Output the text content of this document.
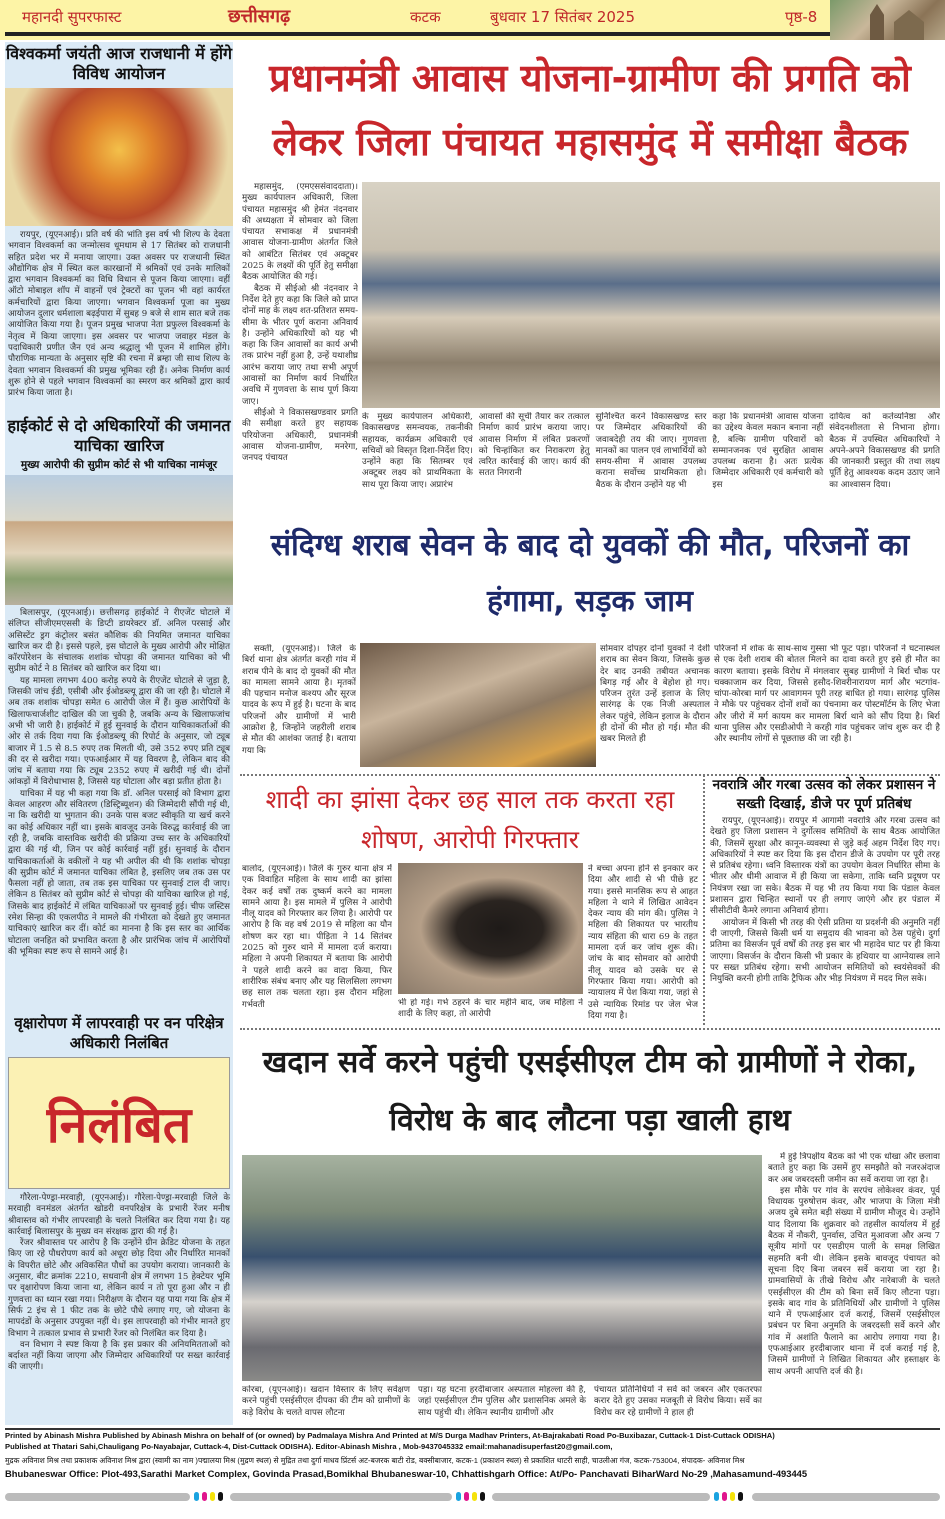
महानदी सुपरफास्ट	छत्तीसगढ़	कटक	बुधवार 17 सितंबर 2025	पृष्ठ-8
विश्वकर्मा जयंती आज राजधानी में होंगे विविध आयोजन

रायपुर, (यूएनआई)। प्रति वर्ष की भांति इस वर्ष भी शिल्प के देवता भगवान विश्वकर्मा का जन्मोत्सव धूमधाम से 17 सितंबर को राजधानी सहित प्रदेश भर में मनाया जाएगा। उक्त अवसर पर राजधानी स्थित औद्योगिक क्षेत्र में स्थित कल कारखानों में श्रमिकों एवं उनके मालिकों द्वारा भगवान विश्वकर्मा का विधि विधान से पूजन किया जाएगा। वहीं ऑटो मोबाइल शॉप में वाहनों एवं ट्रेक्टरों का पूजन भी वहां कार्यरत कर्मचारियों द्वारा किया जाएगा। भगवान विश्वकर्मा पूजा का मुख्य आयोजन दुलार धर्मशाला बढ़ईपारा में सुबह 9 बजे से शाम सात बजे तक आयोजित किया गया है। पूजन प्रमुख भाजपा नेता प्रफुल्ल विश्वकर्मा के नेतृत्व में किया जाएगा। इस अवसर पर भाजपा जवाहर मंडल के पदाधिकारी प्रणीत जैन एवं अन्य श्रद्धालु भी पूजन में शामिल होंगे। पौराणिक मान्यता के अनुसार सृष्टि की रचना में ब्रम्हा जी साथ शिल्प के देवता भगवान विश्वकर्मा की प्रमुख भूमिका रही हैं। अनेक निर्माण कार्य शुरू होने से पहले भगवान विश्वकर्मा का स्मरण कर श्रमिकों द्वारा कार्य प्रारंभ किया जाता है।

हाईकोर्ट से दो अधिकारियों की जमानत याचिका खारिज
मुख्य आरोपी की सुप्रीम कोर्ट से भी याचिका नामंजूर

बिलासपुर, (यूएनआई)। छत्तीसगढ़ हाईकोर्ट ने रीएजेंट घोटाले में संलिप्त सीजीएमएससी के डिप्टी डायरेक्टर डॉ. अनिल परसाई और असिस्टेंट ड्रग कंट्रोलर बसंत कौशिक की नियमित जमानत याचिका खारिज कर दी है। इससे पहले, इस घोटाले के मुख्य आरोपी और मोक्षित कॉरपोरेशन के संचालक शशांक चोपड़ा की जमानत याचिका को भी सुप्रीम कोर्ट ने 8 सितंबर को खारिज कर दिया था।

यह मामला लगभग 400 करोड़ रुपये के रीएजेंट घोटाले से जुड़ा है, जिसकी जांच ईडी, एसीबी और ईओडब्ल्यू द्वारा की जा रही है। घोटाले में अब तक शशांक चोपड़ा समेत 6 आरोपी जेल में हैं। कुछ आरोपियों के खिलाफचार्जशीट दाखिल की जा चुकी है, जबकि अन्य के खिलाफजांच अभी भी जारी है। हाईकोर्ट में हुई सुनवाई के दौरान याचिकाकर्ताओं की ओर से तर्क दिया गया कि ईओडब्ल्यू की रिपोर्ट के अनुसार, जो ट्यूब बाजार में 1.5 से 8.5 रुपए तक मिलती थी, उसे 352 रुपए प्रति ट्यूब की दर से खरीदा गया। एफआईआर में यह विवरण है, लेकिन बाद की जांच में बताया गया कि ट्यूब 2352 रुपए में खरीदी गई थी। दोनों आंकड़ों में विरोधाभास है, जिससे यह घोटाला और बड़ा प्रतीत होता है।

याचिका में यह भी कहा गया कि डॉ. अनिल परसाई को विभाग द्वारा केवल आहरण और संवितरण (डिस्ट्रिब्यूशन) की जिम्मेदारी सौंपी गई थी, ना कि खरीदी या भुगतान की। उनके पास बजट स्वीकृति या खर्च करने का कोई अधिकार नहीं था। इसके बावजूद उनके विरुद्ध कार्रवाई की जा रही है, जबकि वास्तविक खरीदी की प्रक्रिया उच्च स्तर के अधिकारियों द्वारा की गई थी, जिन पर कोई कार्रवाई नहीं हुई। सुनवाई के दौरान याचिकाकर्ताओं के वकीलों ने यह भी अपील की थी कि शशांक चोपड़ा की सुप्रीम कोर्ट में जमानत याचिका लंबित है, इसलिए जब तक उस पर फैसला नहीं हो जाता, तब तक इस याचिका पर सुनवाई टाल दी जाए। लेकिन 8 सितंबर को सुप्रीम कोर्ट से चोपड़ा की याचिका खारिज हो गई, जिसके बाद हाईकोर्ट में लंबित याचिकाओं पर सुनवाई हुई। चीफ जस्टिस रमेश सिन्हा की एकलपीठ ने मामले की गंभीरता को देखते हुए जमानत याचिकाएं खारिज कर दीं। कोर्ट का मानना है कि इस स्तर का आर्थिक घोटाला जनहित को प्रभावित करता है और प्रारंभिक जांच में आरोपियों की भूमिका स्पष्ट रूप से सामने आई है।

वृक्षारोपण में लापरवाही पर वन परिक्षेत्र अधिकारी निलंबित
निलंबित

गौरेला-पेण्ड्रा-मरवाही, (यूएनआई)। गौरेला-पेण्ड्रा-मरवाही जिले के मरवाही वनमंडल अंतर्गत खोडरी वनपरिक्षेत्र के प्रभारी रेंजर मनीष श्रीवास्तव को गंभीर लापरवाही के चलते निलंबित कर दिया गया है। यह कार्रवाई बिलासपुर के मुख्य वन संरक्षक द्वारा की गई है।

रेंजर श्रीवास्तव पर आरोप है कि उन्होंने ग्रीन क्रेडिट योजना के तहत किए जा रहे पौधरोपण कार्य को अधूरा छोड़ दिया और निर्धारित मानकों के विपरीत छोटे और अविकसित पौधों का उपयोग कराया। जानकारी के अनुसार, बीट क्रमांक 2210, सधवानी क्षेत्र में लगभग 15 हेक्टेयर भूमि पर वृक्षारोपण किया जाना था, लेकिन कार्य न तो पूरा हुआ और न ही गुणवत्ता का ध्यान रखा गया। निरीक्षण के दौरान यह पाया गया कि क्षेत्र में सिर्फ 2 इंच से 1 फीट तक के छोटे पौधे लगाए गए, जो योजना के मापदंडों के अनुसार उपयुक्त नहीं थे। इस लापरवाही को गंभीर मानते हुए विभाग ने तत्काल प्रभाव से प्रभारी रेंजर को निलंबित कर दिया है।

वन विभाग ने स्पष्ट किया है कि इस प्रकार की अनियमितताओं को बर्दाश्त नहीं किया जाएगा और जिम्मेदार अधिकारियों पर सख्त कार्रवाई की जाएगी।

प्रधानमंत्री आवास योजना-ग्रामीण की प्रगति को लेकर जिला पंचायत महासमुंद में समीक्षा बैठक

महासमुंद, (एमएससंवाददाता)। मुख्य कार्यपालन अधिकारी, जिला पंचायत महासमुंद श्री हेमंत नंदनवार की अध्यक्षता में सोमवार को जिला पंचायत सभाकक्ष में प्रधानमंत्री आवास योजना-ग्रामीण अंतर्गत जिले को आबंटित सितंबर एवं अक्टूबर 2025 के लक्ष्यों की पूर्ति हेतु समीक्षा बैठक आयोजित की गई।

बैठक में सीईओ श्री नंदनवार ने निर्देश देते हुए कहा कि जिले को प्राप्त दोनों माह के लक्ष्य शत-प्रतिशत समय-सीमा के भीतर पूर्ण कराना अनिवार्य है। उन्होंने अधिकारियों को यह भी कहा कि जिन आवासों का कार्य अभी तक प्रारंभ नहीं हुआ है, उन्हें यथाशीघ्र आरंभ कराया जाए तथा सभी अपूर्ण आवासों का निर्माण कार्य निर्धारित अवधि में गुणवत्ता के साथ पूर्ण किया जाए।

सीईओ ने विकासखण्डवार प्रगति की समीक्षा करते हुए सहायक परियोजना अधिकारी, प्रधानमंत्री आवास योजना-ग्रामीण, मनरेगा, जनपद पंचायत

के मुख्य कार्यपालन अधिकारी, विकासखण्ड समन्वयक, तकनीकी सहायक, कार्यक्रम अधिकारी एवं सचिवों को विस्तृत दिशा-निर्देश दिए। उन्होंने कहा कि सितम्बर एवं अक्टूबर लक्ष्य को प्राथमिकता के साथ पूरा किया जाए। अप्रारंभ
आवासों की सूची तैयार कर तत्काल निर्माण कार्य प्रारंभ कराया जाए। आवास निर्माण में लंबित प्रकरणों को चिन्हांकित कर निराकरण हेतु त्वरित कार्रवाई की जाए। कार्य की सतत निगरानी
सुनिश्चित करने विकासखण्ड स्तर पर जिम्मेदार अधिकारियों की जवाबदेही तय की जाए। गुणवत्ता मानकों का पालन एवं लाभार्थियों को समय-सीमा में आवास उपलब्ध कराना सर्वोच्च प्राथमिकता हो। बैठक के दौरान उन्होंने यह भी
कहा कि प्रधानमंत्री आवास योजना का उद्देश्य केवल मकान बनाना नहीं है, बल्कि ग्रामीण परिवारों को सम्मानजनक एवं सुरक्षित आवास उपलब्ध कराना है। अतः प्रत्येक जिम्मेदार अधिकारी एवं कर्मचारी को इस
दायित्व को कर्तव्यनिष्ठा और संवेदनशीलता से निभाना होगा। बैठक में उपस्थित अधिकारियों ने अपने-अपने विकासखण्ड की प्रगति की जानकारी प्रस्तुत की तथा लक्ष्य पूर्ति हेतु आवश्यक कदम उठाए जाने का आश्वासन दिया।
संदिग्ध शराब सेवन के बाद दो युवकों की मौत, परिजनों का हंगामा, सड़क जाम

सक्ती, (यूएनआई)। जिले के बिर्रा थाना क्षेत्र अंतर्गत करही गांव में शराब पीने के बाद दो युवकों की मौत का मामला सामने आया है। मृतकों की पहचान मनोज कश्यप और सूरज यादव के रूप में हुई है। घटना के बाद परिजनों और ग्रामीणों में भारी आक्रोश है, जिन्होंने जहरीली शराब से मौत की आशंका जताई है। बताया गया कि

सोमवार दोपहर दोनों युवकों ने देशी शराब का सेवन किया, जिसके कुछ देर बाद उनकी तबीयत अचानक बिगड़ गई और वे बेहोश हो गए। परिजन तुरंत उन्हें इलाज के लिए सारंगढ़ के एक निजी अस्पताल लेकर पहुंचे, लेकिन इलाज के दौरान ही दोनों की मौत हो गई। मौत की खबर मिलते ही
परिजनों में शोक के साथ-साथ गुस्सा भी फूट पड़ा। परिजनों ने घटनास्थल से एक देशी शराब की बोतल मिलने का दावा करते हुए इसे ही मौत का कारण बताया। इसके विरोध में मंगलवार सुबह ग्रामीणों ने बिर्रा चौक पर चक्काजाम कर दिया, जिससे हसौद-शिवरीनारायण मार्ग और भटगांव-चांपा-कोरबा मार्ग पर आवागमन पूरी तरह बाधित हो गया। सारंगढ़ पुलिस ने मौके पर पहुंचकर दोनों शवों का पंचनामा कर पोस्टमॉर्टम के लिए भेजा और जीरो में मर्ग कायम कर मामला बिर्रा थाने को सौंप दिया है। बिर्रा थाना पुलिस और एसडीओपी ने करही गांव पहुंचकर जांच शुरू कर दी है और स्थानीय लोगों से पूछताछ की जा रही है।
शादी का झांसा देकर छह साल तक करता रहा शोषण, आरोपी गिरफ्तार
बालोद, (यूएनआई)। जिले के गुरुर थाना क्षेत्र में एक विवाहित महिला के साथ शादी का झांसा देकर कई वर्षों तक दुष्कर्म करने का मामला सामने आया है। इस मामले में पुलिस ने आरोपी नीलू यादव को गिरफ्तार कर लिया है। आरोपी पर आरोप है कि वह वर्ष 2019 से महिला का यौन शोषण कर रहा था। पीड़िता ने 14 सितंबर 2025 को गुरुर थाने में मामला दर्ज कराया। महिला ने अपनी शिकायत में बताया कि आरोपी ने पहले शादी करने का वादा किया, फिर शारीरिक संबंध बनाए और यह सिलसिला लगभग छह साल तक चलता रहा। इस दौरान महिला गर्भवती	भी हो गई। गर्भ ठहरने के चार महीने बाद, जब महिला ने शादी के लिए कहा, तो आरोपी
ने बच्चा अपना होने से इनकार कर दिया और शादी से भी पीछे हट गया। इससे मानसिक रूप से आहत महिला ने थाने में लिखित आवेदन देकर न्याय की मांग की। पुलिस ने महिला की शिकायत पर भारतीय न्याय संहिता की धारा 69 के तहत मामला दर्ज कर जांच शुरू की। जांच के बाद सोमवार को आरोपी नीलू यादव को उसके घर से गिरफ्तार किया गया। आरोपी को न्यायालय में पेश किया गया, जहां से उसे न्यायिक रिमांड पर जेल भेज दिया गया है।
नवरात्रि और गरबा उत्सव को लेकर प्रशासन ने सख्ती दिखाई, डीजे पर पूर्ण प्रतिबंध

रायपुर, (यूएनआई)। रायपुर में आगामी नवरात्रि और गरबा उत्सव को देखते हुए जिला प्रशासन ने दुर्गोत्सव समितियों के साथ बैठक आयोजित की, जिसमें सुरक्षा और कानून-व्यवस्था से जुड़े कई अहम निर्देश दिए गए। अधिकारियों ने स्पष्ट कर दिया कि इस दौरान डीजे के उपयोग पर पूरी तरह से प्रतिबंध रहेगा। ध्वनि विस्तारक यंत्रों का उपयोग केवल निर्धारित सीमा के भीतर और धीमी आवाज में ही किया जा सकेगा, ताकि ध्वनि प्रदूषण पर नियंत्रण रखा जा सके। बैठक में यह भी तय किया गया कि पंडाल केवल प्रशासन द्वारा चिन्हित स्थानों पर ही लगाए जाएंगे और हर पंडाल में सीसीटीवी कैमरे लगाना अनिवार्य होगा।

आयोजन में किसी भी तरह की ऐसी प्रतिमा या प्रदर्शनी की अनुमति नहीं दी जाएगी, जिससे किसी धर्म या समुदाय की भावना को ठेस पहुंचे। दुर्गा प्रतिमा का विसर्जन पूर्व वर्षों की तरह इस बार भी महादेव घाट पर ही किया जाएगा। विसर्जन के दौरान किसी भी प्रकार के हथियार या आग्नेयास्त्र लाने पर सख्त प्रतिबंध रहेगा। सभी आयोजन समितियों को स्वयंसेवकों की नियुक्ति करनी होगी ताकि ट्रैफिक और भीड़ नियंत्रण में मदद मिल सके।

खदान सर्वे करने पहुंची एसईसीएल टीम को ग्रामीणों ने रोका, विरोध के बाद लौटना पड़ा खाली हाथ
कोरबा, (यूएनआई)। खदान विस्तार के लिए सर्वेक्षण करने पहुंची एसईसीएल दीपका की टीम को ग्रामीणों के कड़े विरोध के चलते वापस लौटना
पड़ा। यह घटना हरदीबाजार अस्पताल मोहल्ला की है, जहां एसईसीएल टीम पुलिस और प्रशासनिक अमले के साथ पहुंची थी। लेकिन स्थानीय ग्रामीणों और
पंचायत प्रतिनिधियों ने सर्वे को जबरन और एकतरफा करार देते हुए उसका मजबूती से विरोध किया। सर्वे का विरोध कर रहे ग्रामीणों ने हाल ही

में हुई त्रिपक्षीय बैठक को भी एक धोखा और छलावा बताते हुए कहा कि उसमें हुए समझौते को नजरअंदाज कर अब जबरदस्ती जमीन का सर्वे कराया जा रहा है।

इस मौके पर गांव के सरपंच लोकेश्वर कंवर, पूर्व विधायक पुरुषोत्तम कंवर, और भाजपा के जिला मंत्री अजय दुबे समेत बड़ी संख्या में ग्रामीण मौजूद थे। उन्होंने याद दिलाया कि शुक्रवार को तहसील कार्यालय में हुई बैठक में नौकरी, पुनर्वास, उचित मुआवजा और अन्य 7 सूत्रीय मांगों पर एसडीएम पाली के समक्ष लिखित सहमति बनी थी। लेकिन इसके बावजूद पंचायत को सूचना दिए बिना जबरन सर्वे कराया जा रहा है। ग्रामवासियों के तीखे विरोध और नारेबाजी के चलते एसईसीएल की टीम को बिना सर्वे किए लौटना पड़ा। इसके बाद गांव के प्रतिनिधियों और ग्रामीणों ने पुलिस थाने में एफआईआर दर्ज कराई, जिसमें एसईसीएल प्रबंधन पर बिना अनुमति के जबरदस्ती सर्वे करने और गांव में अशांति फैलाने का आरोप लगाया गया है। एफआईआर हरदीबाजार थाना में दर्ज कराई गई है, जिसमें ग्रामीणों ने लिखित शिकायत और हस्ताक्षर के साथ अपनी आपत्ति दर्ज की है।

Printed by Abinash Mishra Published by Abinash Mishra on behalf of (or owned) by Padmalaya Mishra And Printed at M/S Durga Madhav Printers, At-Bajrakabati Road Po-Buxibazar, Cuttack-1 Dist-Cuttack ODISHA)
Published at Thatari Sahi,Chauligang Po-Nayabajar, Cuttack-4, Dist-Cuttack ODISHA). Editor-Abinash Mishra , Mob-9437045332 email:mahanadisuperfast20@gmail.com,
मुद्रक अविनाश मिश्र तथा प्रकाशक अविनाश मिश्र द्वारा (स्वामी का नाम )पद्मालया मिश्र (मुद्रण स्थल) से मुद्रित तथा दुर्गा माधव प्रिंटर्स अट-बजरक बाटी रोड, बक्सीबाजार, कटक-1 (प्रकाशन स्थल) से प्रकाशित थाटरी साही, चाउलीआ गंज, कटक-753004, संपादक- अविनाश मिश्र
Bhubaneswar Office: Plot-493,Sarathi Market Complex, Govinda Prasad,Bomikhal Bhubaneswar-10, Chhattishgarh Office: At/Po- Panchavati BiharWard No-29 ,Mahasamund-493445
